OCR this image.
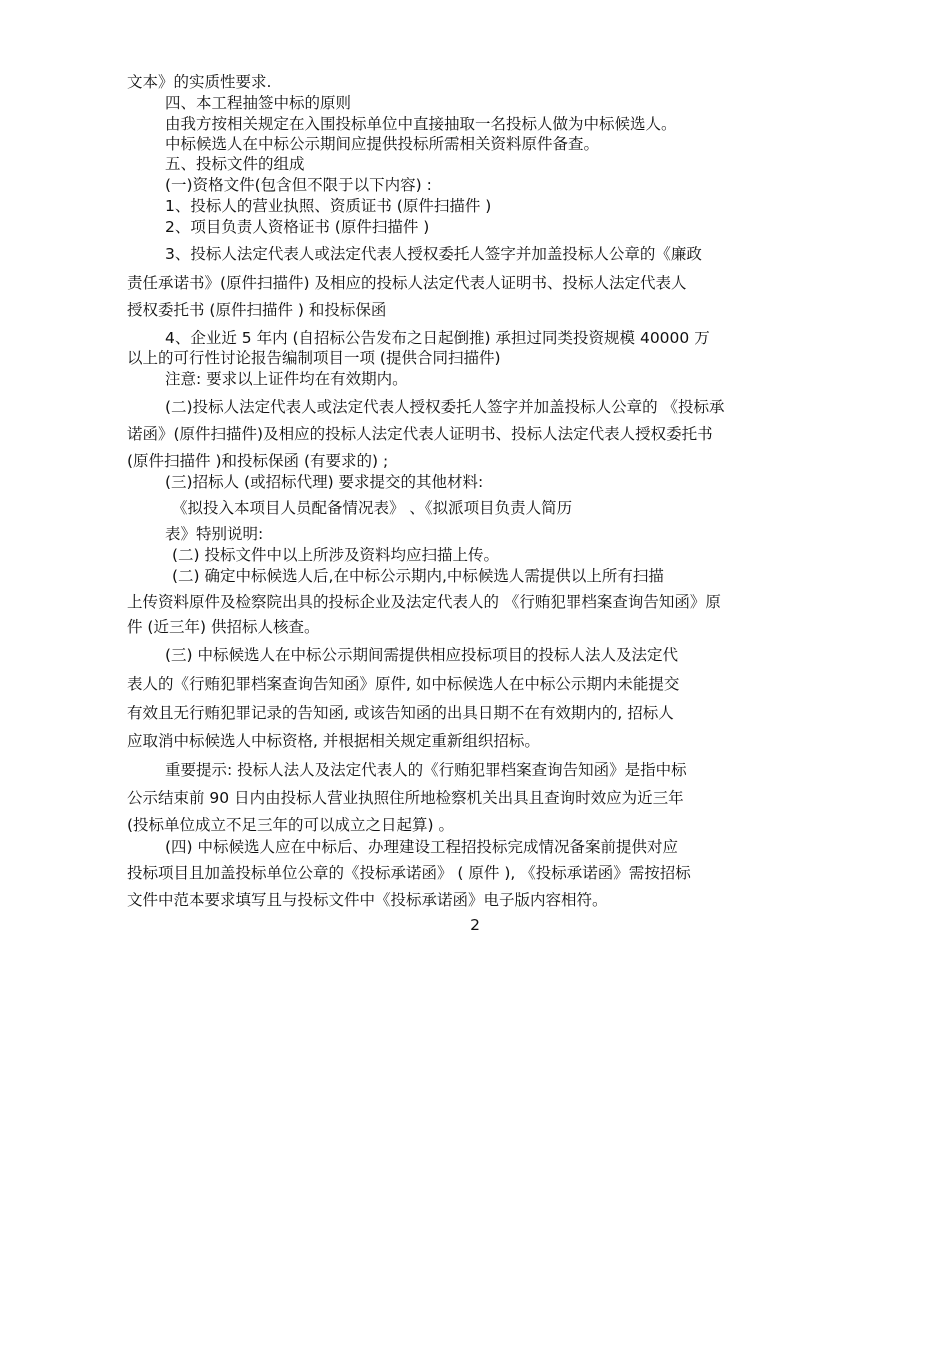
文本》的实质性要求.
四、本工程抽签中标的原则
由我方按相关规定在入围投标单位中直接抽取一名投标人做为中标候选人。
中标候选人在中标公示期间应提供投标所需相关资料原件备查。
五、投标文件的组成
(一)资格文件(包含但不限于以下内容) :
1、投标人的营业执照、资质证书 (原件扫描件 )
2、项目负责人资格证书 (原件扫描件 )
3、投标人法定代表人或法定代表人授权委托人签字并加盖投标人公章的《廉政
责任承诺书》(原件扫描件) 及相应的投标人法定代表人证明书、投标人法定代表人
授权委托书 (原件扫描件 ) 和投标保函
4、企业近 5 年内 (自招标公告发布之日起倒推) 承担过同类投资规模 40000 万
以上的可行性讨论报告编制项目一项 (提供合同扫描件)
注意: 要求以上证件均在有效期内。
(二)投标人法定代表人或法定代表人授权委托人签字并加盖投标人公章的 《投标承
诺函》(原件扫描件)及相应的投标人法定代表人证明书、投标人法定代表人授权委托书
(原件扫描件 )和投标保函 (有要求的) ;
(三)招标人 (或招标代理) 要求提交的其他材料:
《拟投入本项目人员配备情况表》 、《拟派项目负责人简历
表》特别说明:
(二) 投标文件中以上所涉及资料均应扫描上传。
(二) 确定中标候选人后,在中标公示期内,中标候选人需提供以上所有扫描
上传资料原件及检察院出具的投标企业及法定代表人的 《行贿犯罪档案查询告知函》原
件 (近三年) 供招标人核查。
(三) 中标候选人在中标公示期间需提供相应投标项目的投标人法人及法定代
表人的《行贿犯罪档案查询告知函》原件, 如中标候选人在中标公示期内未能提交
有效且无行贿犯罪记录的告知函, 或该告知函的出具日期不在有效期内的, 招标人
应取消中标候选人中标资格, 并根据相关规定重新组织招标。
重要提示: 投标人法人及法定代表人的《行贿犯罪档案查询告知函》是指中标
公示结束前 90 日内由投标人营业执照住所地检察机关出具且查询时效应为近三年
(投标单位成立不足三年的可以成立之日起算) 。
(四) 中标候选人应在中标后、办理建设工程招投标完成情况备案前提供对应
投标项目且加盖投标单位公章的《投标承诺函》 ( 原件 ), 《投标承诺函》需按招标
文件中范本要求填写且与投标文件中《投标承诺函》电子版内容相符。
2
